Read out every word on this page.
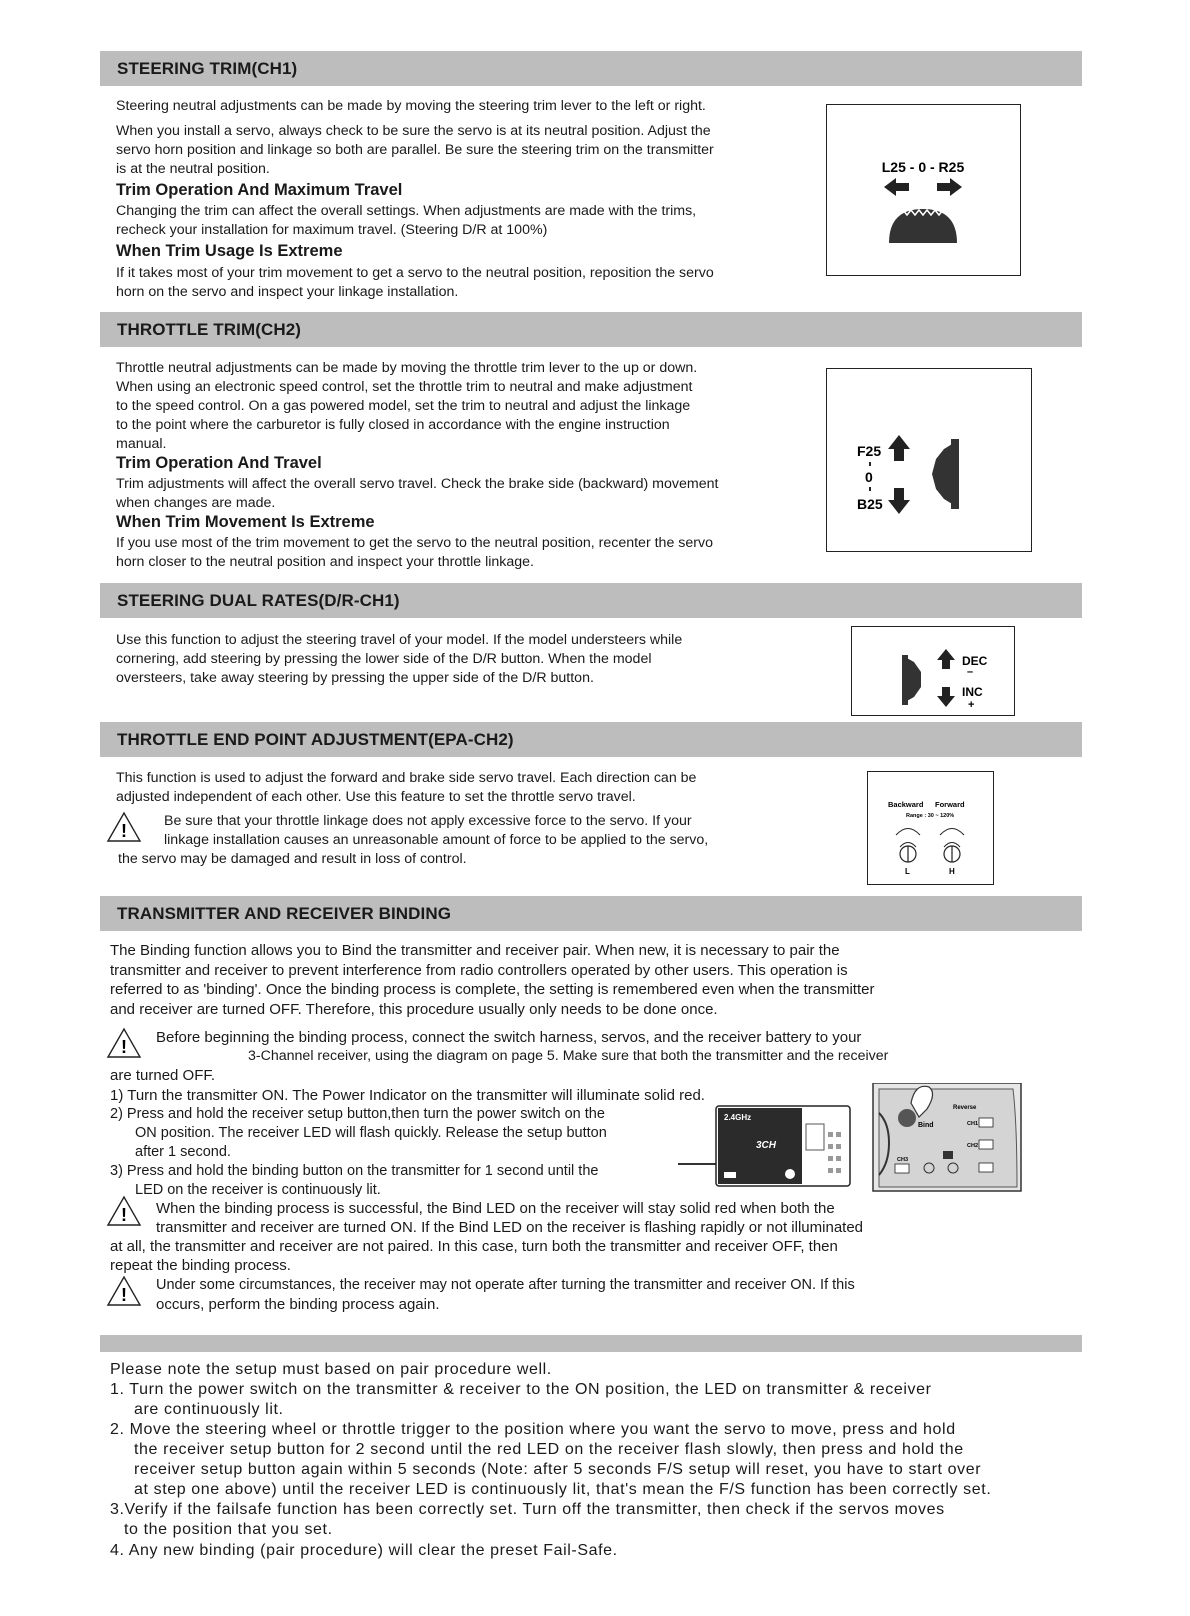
STEERING TRIM(CH1)
Steering neutral adjustments can be made by moving the steering trim lever to the left or right.
When you install a servo, always check to be sure the servo is at its neutral position. Adjust the
servo horn position and linkage so both are parallel. Be sure the steering trim on the transmitter
is at the neutral position.
Trim Operation And Maximum Travel
Changing the trim can affect the overall settings. When adjustments are made with the trims,
recheck your installation for maximum travel. (Steering D/R at 100%)
When Trim Usage Is Extreme
If it takes most of your trim movement to get a servo to the neutral position, reposition the servo
horn on the servo and inspect your linkage installation.
L25 - 0 - R25
THROTTLE TRIM(CH2)
Throttle neutral adjustments can be made by moving the throttle trim lever to the up or down.
When using an electronic speed control, set the throttle trim to neutral and make adjustment
to the speed control. On a gas powered model, set the trim to neutral and adjust the linkage
to the point where the carburetor is fully closed in accordance with the engine instruction
manual.
Trim Operation And Travel
Trim adjustments will affect the overall servo travel. Check the brake side (backward) movement
when changes are made.
When Trim Movement Is Extreme
If you use most of the trim movement to get the servo to the neutral position, recenter the servo
horn closer to the neutral position and inspect your throttle linkage.
F25
0
B25
STEERING DUAL RATES(D/R-CH1)
Use this function to adjust the steering travel of your model. If the model understeers while
cornering, add steering by pressing the lower side of the D/R button. When the model
oversteers, take away steering by pressing the upper side of the D/R button.
DEC
–
INC
+
THROTTLE END POINT ADJUSTMENT(EPA-CH2)
This function is used to adjust the forward and brake side servo travel. Each direction can be
adjusted independent of each other. Use this feature to set the throttle servo travel.
!	Be sure that your throttle linkage does not apply excessive force to the servo. If your
linkage installation causes an unreasonable amount of force to be applied to the servo,
the servo may be damaged and result in loss of control.
Backward Forward
Range : 30 ~ 120%
L	H
TRANSMITTER AND RECEIVER BINDING
The Binding function allows you to Bind the transmitter and receiver pair. When new, it is necessary to pair the
transmitter and receiver to prevent interference from radio controllers operated by other users. This operation is
referred to as 'binding'. Once the binding process is complete, the setting is remembered even when the transmitter
and receiver are turned OFF. Therefore, this procedure usually only needs to be done once.
! Before beginning the binding process, connect the switch harness, servos, and the receiver battery to your
3-Channel receiver, using the diagram on page 5. Make sure that both the transmitter and the receiver
are turned OFF.
1) Turn the transmitter ON. The Power Indicator on the transmitter will illuminate solid red.
2) Press and hold the receiver setup button,then turn the power switch on the
ON position. The receiver LED will flash quickly. Release the setup button
after 1 second.
3) Press and hold the binding button on the transmitter for 1 second until the
LED on the receiver is continuously lit.
2.4GHz
3CH
Bind
Reverse
CH1
CH2
CH3
! When the binding process is successful, the Bind LED on the receiver will stay solid red when both the
transmitter and receiver are turned ON. If the Bind LED on the receiver is flashing rapidly or not illuminated
at all, the transmitter and receiver are not paired. In this case, turn both the transmitter and receiver OFF, then
repeat the binding process.
! Under some circumstances, the receiver may not operate after turning the transmitter and receiver ON. If this
occurs, perform the binding process again.
Please note the setup must based on pair procedure well.
1. Turn the power switch on the transmitter & receiver to the ON position, the LED on transmitter & receiver
are continuously lit.
2. Move the steering wheel or throttle trigger to the position where you want the servo to move, press and hold
the receiver setup button for 2 second until the red LED on the receiver flash slowly, then press and hold the
receiver setup button again within 5 seconds (Note: after 5 seconds F/S setup will reset, you have to start over
at step one above) until the receiver LED is continuously lit, that's mean the F/S function has been correctly set.
3.Verify if the failsafe function has been correctly set. Turn off the transmitter, then check if the servos moves
to the position that you set.
4. Any new binding (pair procedure) will clear the preset Fail-Safe.
